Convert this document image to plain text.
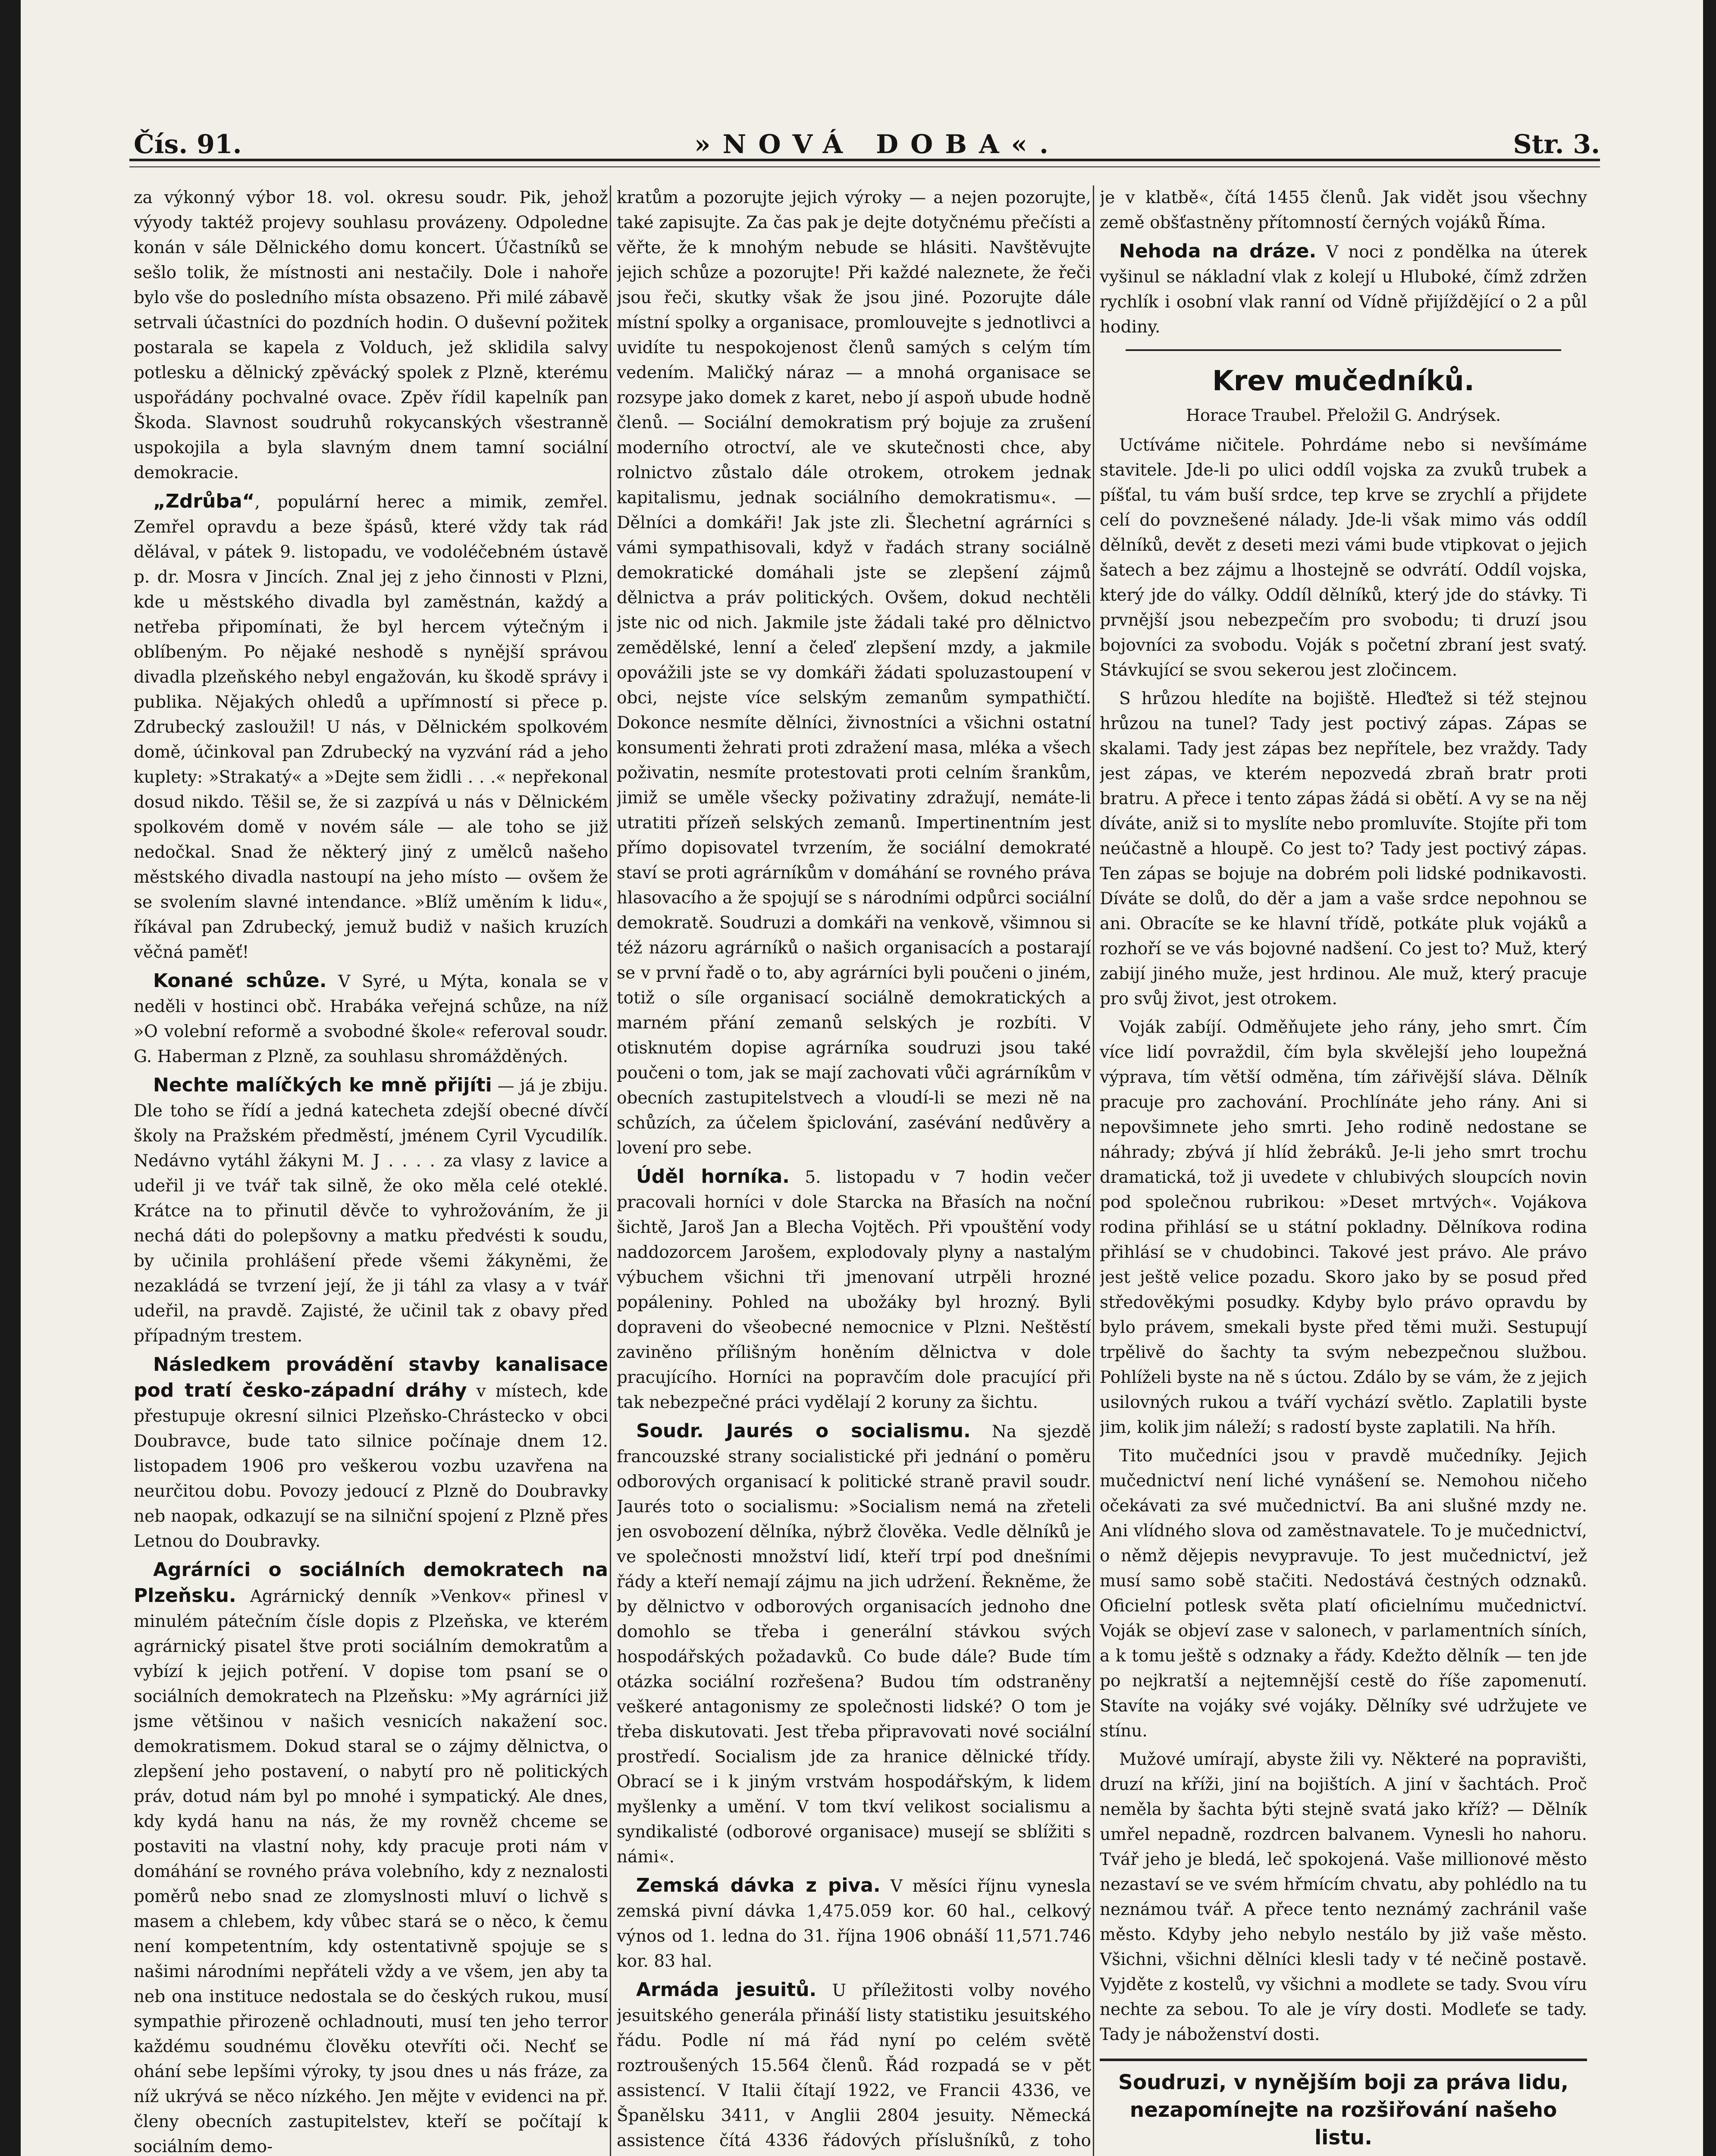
Čís. 91.	»NOVÁ DOBA«.	Str. 3.

za výkonný výbor 18. vol. okresu soudr. Pik, jehož výyody taktéž projevy souhlasu provázeny. Odpoledne konán v sále Dělnického domu koncert. Účastníků se sešlo tolik, že místnosti ani nestačily. Dole i nahoře bylo vše do posledního místa obsazeno. Při milé zábavě setrvali účastníci do pozdních hodin. O duševní požitek postarala se kapela z Volduch, jež sklidila salvy potlesku a dělnický zpěvácký spolek z Plzně, kterému uspořádány pochvalné ovace. Zpěv řídil kapelník pan Škoda. Slavnost soudruhů rokycanských všestranně uspokojila a byla slavným dnem tamní sociální demokracie.

„Zdrůba“, populární herec a mimik, zemřel. Zemřel opravdu a beze špásů, které vždy tak rád dělával, v pátek 9. listopadu, ve vodoléčebném ústavě p. dr. Mosra v Jincích. Znal jej z jeho činnosti v Plzni, kde u městského divadla byl zaměstnán, každý a netřeba připomínati, že byl hercem výtečným i oblíbeným. Po nějaké neshodě s nynější správou divadla plzeňského nebyl engažován, ku škodě správy i publika. Nějakých ohledů a upřímností si přece p. Zdrubecký zasloužil! U nás, v Dělnickém spolkovém domě, účinkoval pan Zdrubecký na vyzvání rád a jeho kuplety: »Strakatý« a »Dejte sem židli . . .« nepřekonal dosud nikdo. Těšil se, že si zazpívá u nás v Dělnickém spolkovém domě v novém sále — ale toho se již nedočkal. Snad že některý jiný z umělců našeho městského divadla nastoupí na jeho místo — ovšem že se svolením slavné intendance. »Blíž uměním k lidu«, říkával pan Zdrubecký, jemuž budiž v našich kruzích věčná paměť!

Konané schůze. V Syré, u Mýta, konala se v neděli v hostinci obč. Hrabáka veřejná schůze, na níž »O volební reformě a svobodné škole« referoval soudr. G. Haberman z Plzně, za souhlasu shromážděných.

Nechte malíčkých ke mně přijíti — já je zbiju. Dle toho se řídí a jedná katecheta zdejší obecné dívčí školy na Pražském předměstí, jménem Cyril Vycudilík. Nedávno vytáhl žákyni M. J . . . . za vlasy z lavice a udeřil ji ve tvář tak silně, že oko měla celé oteklé. Krátce na to přinutil děvče to vyhrožováním, že ji nechá dáti do polepšovny a matku předvésti k soudu, by učinila prohlášení přede všemi žákyněmi, že nezakládá se tvrzení její, že ji táhl za vlasy a v tvář udeřil, na pravdě. Zajisté, že učinil tak z obavy před případným trestem.

Následkem provádění stavby kanalisace pod tratí česko-západní dráhy v místech, kde přestupuje okresní silnici Plzeňsko-Chrástecko v obci Doubravce, bude tato silnice počínaje dnem 12. listopadem 1906 pro veškerou vozbu uzavřena na neurčitou dobu. Povozy jedoucí z Plzně do Doubravky neb naopak, odkazují se na silniční spojení z Plzně přes Letnou do Doubravky.

Agrárníci o sociálních demokratech na Plzeňsku. Agrárnický denník »Venkov« přinesl v minulém pátečním čísle dopis z Plzeňska, ve kterém agrárnický pisatel štve proti sociálním demokratům a vybízí k jejich potření. V dopise tom psaní se o sociálních demokratech na Plzeňsku: »My agrárníci již jsme většinou v našich vesnicích nakažení soc. demokratismem. Dokud staral se o zájmy dělnictva, o zlepšení jeho postavení, o nabytí pro ně politických práv, dotud nám byl po mnohé i sympatický. Ale dnes, kdy kydá hanu na nás, že my rovněž chceme se postaviti na vlastní nohy, kdy pracuje proti nám v domáhání se rovného práva volebního, kdy z neznalosti poměrů nebo snad ze zlomyslnosti mluví o lichvě s masem a chlebem, kdy vůbec stará se o něco, k čemu není kompetentním, kdy ostentativně spojuje se s našimi národními nepřáteli vždy a ve všem, jen aby ta neb ona instituce nedostala se do českých rukou, musí sympathie přirozeně ochladnouti, musí ten jeho terror každému soudnému člověku otevříti oči. Nechť se ohání sebe lepšími výroky, ty jsou dnes u nás fráze, za níž ukrývá se něco nízkého. Jen mějte v evidenci na př. členy obecních zastupitelstev, kteří se počítají k sociálním demo-

kratům a pozorujte jejich výroky — a nejen pozorujte, také zapisujte. Za čas pak je dejte dotyčnému přečísti a věřte, že k mnohým nebude se hlásiti. Navštěvujte jejich schůze a pozorujte! Při každé naleznete, že řeči jsou řeči, skutky však že jsou jiné. Pozorujte dále místní spolky a organisace, promlouvejte s jednotlivci a uvidíte tu nespokojenost členů samých s celým tím vedením. Maličký náraz — a mnohá organisace se rozsype jako domek z karet, nebo jí aspoň ubude hodně členů. — Sociální demokratism prý bojuje za zrušení moderního otroctví, ale ve skutečnosti chce, aby rolnictvo zůstalo dále otrokem, otrokem jednak kapitalismu, jednak sociálního demokratismu«. — Dělníci a domkáři! Jak jste zli. Šlechetní agrárníci s vámi sympathisovali, když v řadách strany sociálně demokratické domáhali jste se zlepšení zájmů dělnictva a práv politických. Ovšem, dokud nechtěli jste nic od nich. Jakmile jste žádali také pro dělnictvo zemědělské, lenní a čeleď zlepšení mzdy, a jakmile opovážili jste se vy domkáři žádati spoluzastoupení v obci, nejste více selským zemanům sympathičtí. Dokonce nesmíte dělníci, živnostníci a všichni ostatní konsumenti žehrati proti zdražení masa, mléka a všech poživatin, nesmíte protestovati proti celním šrankům, jimiž se uměle všecky poživatiny zdražují, nemáte-li utratiti přízeň selských zemanů. Impertinentním jest přímo dopisovatel tvrzením, že sociální demokraté staví se proti agrárníkům v domáhání se rovného práva hlasovacího a že spojují se s národními odpůrci sociální demokratě. Soudruzi a domkáři na venkově, všimnou si též názoru agrárníků o našich organisacích a postarají se v první řadě o to, aby agrárníci byli poučeni o jiném, totiž o síle organisací sociálně demokratických a marném přání zemanů selských je rozbíti. V otisknutém dopise agrárníka soudruzi jsou také poučeni o tom, jak se mají zachovati vůči agrárníkům v obecních zastupitelstvech a vloudí-li se mezi ně na schůzích, za účelem špiclování, zasévání nedůvěry a lovení pro sebe.

Úděl horníka. 5. listopadu v 7 hodin večer pracovali horníci v dole Starcka na Břasích na noční šichtě, Jaroš Jan a Blecha Vojtěch. Při vpouštění vody naddozorcem Jarošem, explodovaly plyny a nastalým výbuchem všichni tři jmenovaní utrpěli hrozné popáleniny. Pohled na ubožáky byl hrozný. Byli dopraveni do všeobecné nemocnice v Plzni. Neštěstí zaviněno přílišným honěním dělnictva v dole pracujícího. Horníci na popravčím dole pracující při tak nebezpečné práci vydělají 2 koruny za šichtu.

Soudr. Jaurés o socialismu. Na sjezdě francouzské strany socialistické při jednání o poměru odborových organisací k politické straně pravil soudr. Jaurés toto o socialismu: »Socialism nemá na zřeteli jen osvobození dělníka, nýbrž člověka. Vedle dělníků je ve společnosti množství lidí, kteří trpí pod dnešními řády a kteří nemají zájmu na jich udržení. Řekněme, že by dělnictvo v odborových organisacích jednoho dne domohlo se třeba i generální stávkou svých hospodářských požadavků. Co bude dále? Bude tím otázka sociální rozřešena? Budou tím odstraněny veškeré antagonismy ze společnosti lidské? O tom je třeba diskutovati. Jest třeba připravovati nové sociální prostředí. Socialism jde za hranice dělnické třídy. Obrací se i k jiným vrstvám hospodářským, k lidem myšlenky a umění. V tom tkví velikost socialismu a syndikalisté (odborové organisace) musejí se sblížiti s námi«.

Zemská dávka z piva. V měsíci říjnu vynesla zemská pivní dávka 1,475.059 kor. 60 hal., celkový výnos od 1. ledna do 31. října 1906 obnáší 11,571.746 kor. 83 hal.

Armáda jesuitů. U příležitosti volby nového jesuitského generála přináší listy statistiku jesuitského řádu. Podle ní má řád nyní po celém světě roztroušených 15.564 členů. Řád rozpadá se v pět assistencí. V Italii čítají 1922, ve Francii 4336, ve Španělsku 3411, v Anglii 2804 jesuity. Německá assistence čítá 4336 řádových příslušníků, z toho

je v klatbě«, čítá 1455 členů. Jak vidět jsou všechny země obšťastněny přítomností černých vojáků Říma.

Nehoda na dráze. V noci z pondělka na úterek vyšinul se nákladní vlak z kolejí u Hluboké, čímž zdržen rychlík i osobní vlak ranní od Vídně přijíždějící o 2 a půl hodiny.

Krev mučedníků.
Horace Traubel. Přeložil G. Andrýsek.

Uctíváme ničitele. Pohrdáme nebo si nevšímáme stavitele. Jde-li po ulici oddíl vojska za zvuků trubek a píšťal, tu vám buší srdce, tep krve se zrychlí a přijdete celí do povznešené nálady. Jde-li však mimo vás oddíl dělníků, devět z deseti mezi vámi bude vtipkovat o jejich šatech a bez zájmu a lhostejně se odvrátí. Oddíl vojska, který jde do války. Oddíl dělníků, který jde do stávky. Ti prvnější jsou nebezpečím pro svobodu; ti druzí jsou bojovníci za svobodu. Voják s početní zbraní jest svatý. Stávkující se svou sekerou jest zločincem.

S hrůzou hledíte na bojiště. Hleďtež si též stejnou hrůzou na tunel? Tady jest poctivý zápas. Zápas se skalami. Tady jest zápas bez nepřítele, bez vraždy. Tady jest zápas, ve kterém nepozvedá zbraň bratr proti bratru. A přece i tento zápas žádá si obětí. A vy se na něj díváte, aniž si to myslíte nebo promluvíte. Stojíte při tom neúčastně a hloupě. Co jest to? Tady jest poctivý zápas. Ten zápas se bojuje na dobrém poli lidské podnikavosti. Díváte se dolů, do děr a jam a vaše srdce nepohnou se ani. Obracíte se ke hlavní třídě, potkáte pluk vojáků a rozhoří se ve vás bojovné nadšení. Co jest to? Muž, který zabijí jiného muže, jest hrdinou. Ale muž, který pracuje pro svůj život, jest otrokem.

Voják zabíjí. Odměňujete jeho rány, jeho smrt. Čím více lidí povraždil, čím byla skvělejší jeho loupežná výprava, tím větší odměna, tím zářivější sláva. Dělník pracuje pro zachování. Prochlínáte jeho rány. Ani si nepovšimnete jeho smrti. Jeho rodině nedostane se náhrady; zbývá jí hlíd žebráků. Je-li jeho smrt trochu dramatická, tož ji uvedete v chlubivých sloupcích novin pod společnou rubrikou: »Deset mrtvých«. Vojákova rodina přihlásí se u státní pokladny. Dělníkova rodina přihlásí se v chudobinci. Takové jest právo. Ale právo jest ještě velice pozadu. Skoro jako by se posud před středověkými posudky. Kdyby bylo právo opravdu by bylo právem, smekali byste před těmi muži. Sestupují trpělivě do šachty ta svým nebezpečnou službou. Pohlíželi byste na ně s úctou. Zdálo by se vám, že z jejich usilovných rukou a tváří vychází světlo. Zaplatili byste jim, kolik jim náleží; s radostí byste zaplatili. Na hříh.

Tito mučedníci jsou v pravdě mučedníky. Jejich mučednictví není liché vynášení se. Nemohou ničeho očekávati za své mučednictví. Ba ani slušné mzdy ne. Ani vlídného slova od zaměstnavatele. To je mučednictví, o němž dějepis nevypravuje. To jest mučednictví, jež musí samo sobě stačiti. Nedostává čestných odznaků. Oficielní potlesk světa platí oficielnímu mučednictví. Voják se objeví zase v salonech, v parlamentních síních, a k tomu ještě s odznaky a řády. Kdežto dělník — ten jde po nejkratší a nejtemnější cestě do říše zapomenutí. Stavíte na vojáky své vojáky. Dělníky své udržujete ve stínu.

Mužové umírají, abyste žili vy. Některé na popravišti, druzí na kříži, jiní na bojištích. A jiní v šachtách. Proč neměla by šachta býti stejně svatá jako kříž? — Dělník umřel nepadně, rozdrcen balvanem. Vynesli ho nahoru. Tvář jeho je bledá, leč spokojená. Vaše millionové město nezastaví se ve svém hřmícím chvatu, aby pohlédlo na tu neznámou tvář. A přece tento neznámý zachránil vaše město. Kdyby jeho nebylo nestálo by již vaše město. Všichni, všichni dělníci klesli tady v té nečině postavě. Vyjděte z kostelů, vy všichni a modlete se tady. Svou víru nechte za sebou. To ale je víry dosti. Modleťe se tady. Tady je náboženství dosti.

Soudruzi, v nynějším boji za práva lidu, nezapomínejte na rozšiřování našeho listu.
